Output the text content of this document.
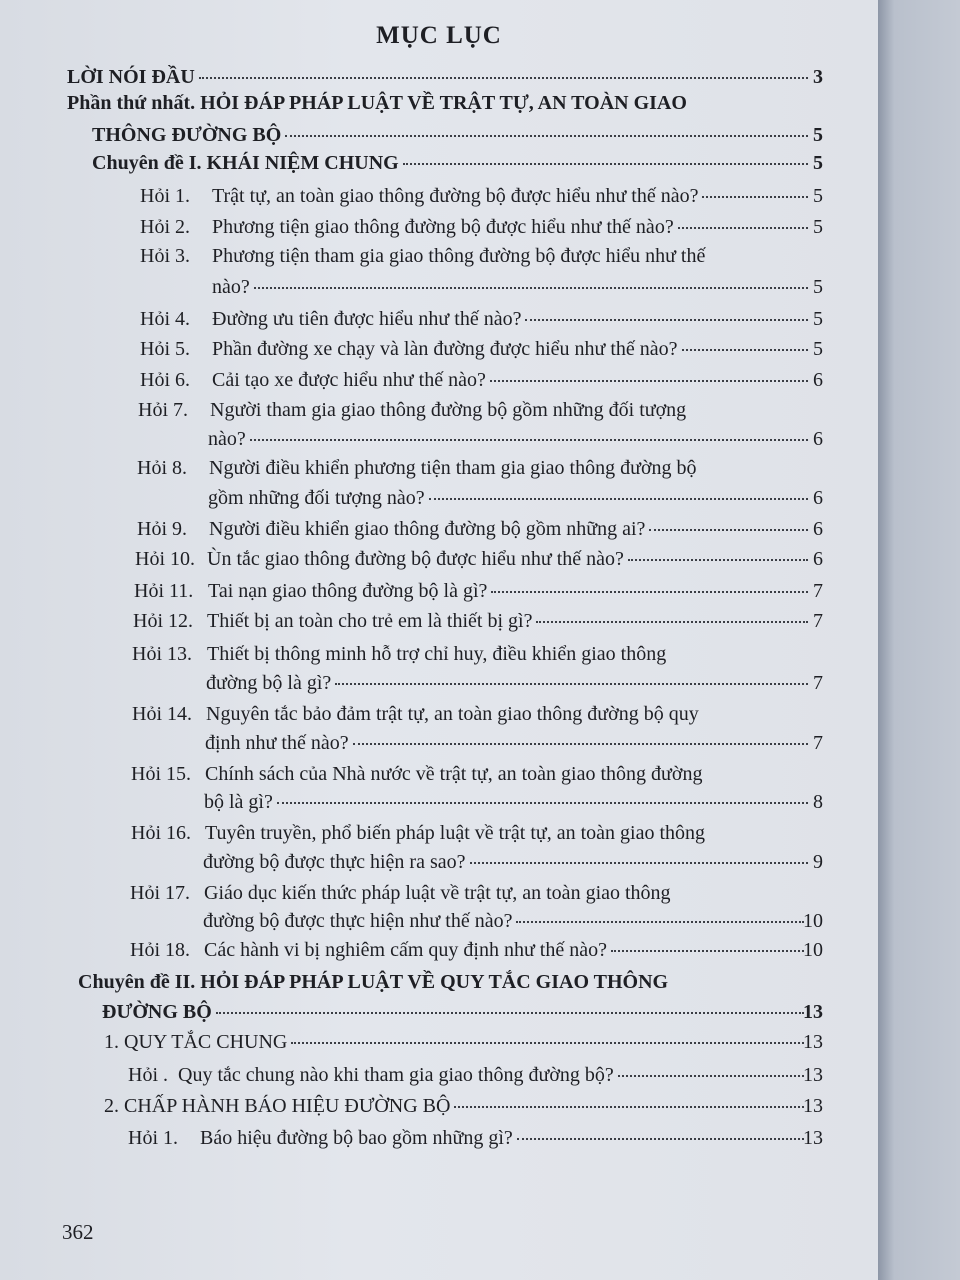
MỤC LỤC
LỜI NÓI ĐẦU	3
Phần thứ nhất. HỎI ĐÁP PHÁP LUẬT VỀ TRẬT TỰ, AN TOÀN GIAO
THÔNG ĐƯỜNG BỘ	5
Chuyên đề I. KHÁI NIỆM CHUNG	5
Hỏi 1.	Trật tự, an toàn giao thông đường bộ được hiểu như thế nào?	5
Hỏi 2.	Phương tiện giao thông đường bộ được hiểu như thế nào?	5
Hỏi 3. Phương tiện tham gia giao thông đường bộ được hiểu như thế
nào?	5
Hỏi 4.	Đường ưu tiên được hiểu như thế nào?	5
Hỏi 5.	Phần đường xe chạy và làn đường được hiểu như thế nào?	5
Hỏi 6.	Cải tạo xe được hiểu như thế nào?	6
Hỏi 7. Người tham gia giao thông đường bộ gồm những đối tượng
nào?	6
Hỏi 8. Người điều khiển phương tiện tham gia giao thông đường bộ
gồm những đối tượng nào?	6
Hỏi 9.	Người điều khiển giao thông đường bộ gồm những ai?	6
Hỏi 10. Ùn tắc giao thông đường bộ được hiểu như thế nào?	6
Hỏi 11. Tai nạn giao thông đường bộ là gì?	7
Hỏi 12. Thiết bị an toàn cho trẻ em là thiết bị gì?	7
Hỏi 13. Thiết bị thông minh hỗ trợ chỉ huy, điều khiển giao thông
đường bộ là gì?	7
Hỏi 14. Nguyên tắc bảo đảm trật tự, an toàn giao thông đường bộ quy
định như thế nào?	7
Hỏi 15. Chính sách của Nhà nước về trật tự, an toàn giao thông đường
bộ là gì?	8
Hỏi 16. Tuyên truyền, phổ biến pháp luật về trật tự, an toàn giao thông
đường bộ được thực hiện ra sao?	9
Hỏi 17. Giáo dục kiến thức pháp luật về trật tự, an toàn giao thông
đường bộ được thực hiện như thế nào?	10
Hỏi 18. Các hành vi bị nghiêm cấm quy định như thế nào?	10
Chuyên đề II. HỎI ĐÁP PHÁP LUẬT VỀ QUY TẮC GIAO THÔNG
ĐƯỜNG BỘ	13
1. QUY TẮC CHUNG	13
Hỏi . Quy tắc chung nào khi tham gia giao thông đường bộ?	13
2. CHẤP HÀNH BÁO HIỆU ĐƯỜNG BỘ	13
Hỏi 1.	Báo hiệu đường bộ bao gồm những gì?	13
362
